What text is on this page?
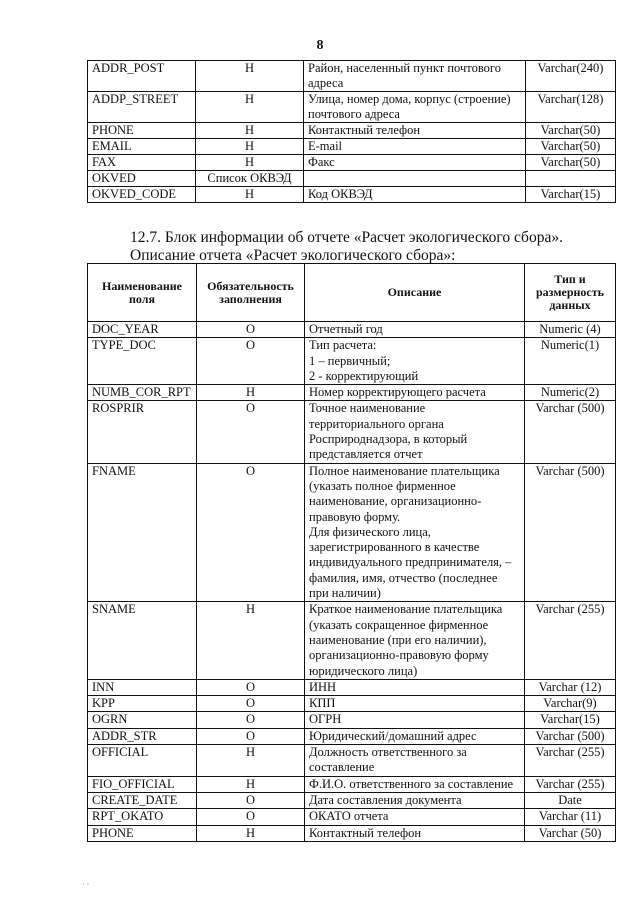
8
ADDR_POST	Н	Район, населенный пункт почтового адреса	Varchar(240)
ADDP_STREET	Н	Улица, номер дома, корпус (строение) почтового адреса	Varchar(128)
PHONE	Н	Контактный телефон	Varchar(50)
EMAIL	Н	E-mail	Varchar(50)
FAX	Н	Факс	Varchar(50)
OKVED	Список ОКВЭД		
OKVED_CODE	Н	Код ОКВЭД	Varchar(15)
12.7. Блок информации об отчете «Расчет экологического сбора».
Описание отчета «Расчет экологического сбора»:
Наименование поля	Обязательность заполнения	Описание	Тип и размерность данных
DOC_YEAR	О	Отчетный год	Numeric (4)
TYPE_DOC	О	Тип расчета:
1 – первичный;
2 - корректирующий	Numeric(1)
NUMB_COR_RPT	Н	Номер корректирующего расчета	Numeric(2)
ROSPRIR	О	Точное наименование территориального органа Росприроднадзора, в который представляется отчет	Varchar (500)
FNAME	О	Полное наименование плательщика (указать полное фирменное наименование, организационно-правовую форму.
Для физического лица, зарегистрированного в качестве индивидуального предпринимателя, – фамилия, имя, отчество (последнее при наличии)	Varchar (500)
SNAME	Н	Краткое наименование плательщика (указать сокращенное фирменное наименование (при его наличии), организационно-правовую форму юридического лица)	Varchar (255)
INN	О	ИНН	Varchar (12)
KPP	О	КПП	Varchar(9)
OGRN	О	ОГРН	Varchar(15)
ADDR_STR	О	Юридический/домашний адрес	Varchar (500)
OFFICIAL	Н	Должность ответственного за составление	Varchar (255)
FIO_OFFICIAL	Н	Ф.И.О. ответственного за составление	Varchar (255)
CREATE_DATE	О	Дата составления документа	Date
RPT_OKATO	О	ОКАТО отчета	Varchar (11)
PHONE	Н	Контактный телефон	Varchar (50)
· ·
